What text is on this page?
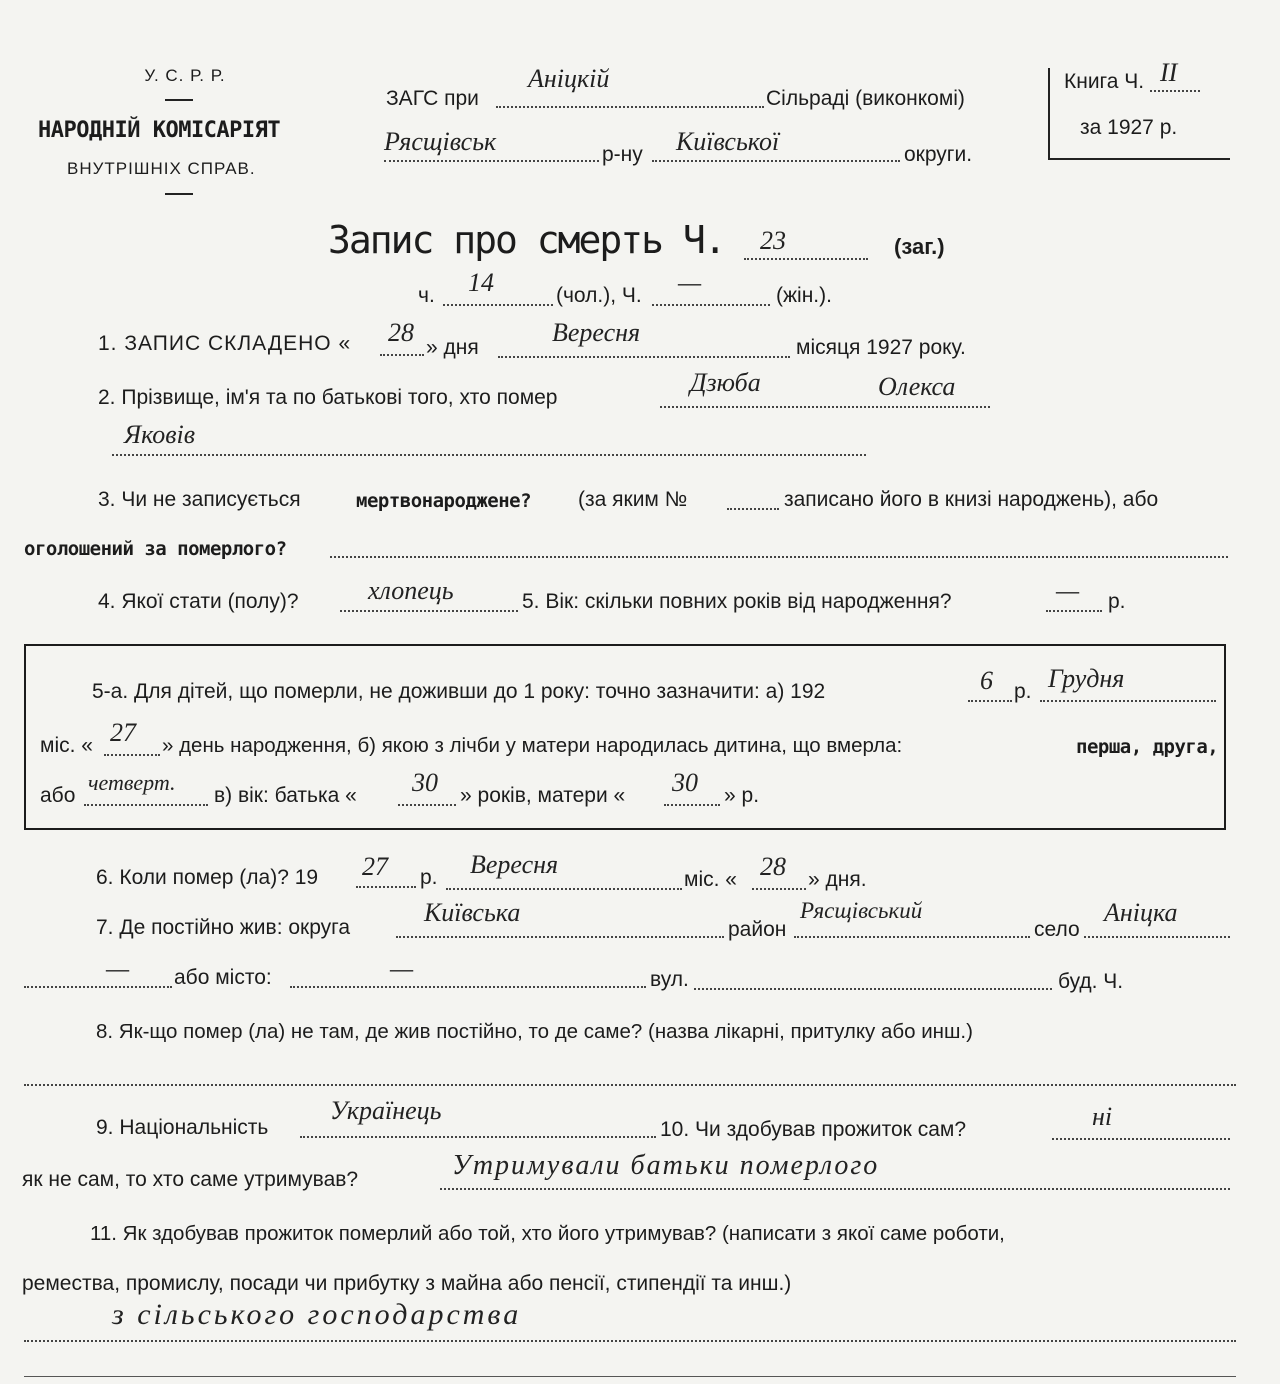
У. С. Р. Р.
НАРОДНІЙ КОМІСАРІЯТ
ВНУТРІШНІХ СПРАВ.
ЗАГС при
Аніцкій
Сільраді (виконкомі)
Рясщівськ	р-ну Київської	округи.
Книга Ч. II
за 1927 р.
Запис про смерть Ч. 23	(заг.)
ч. 14	(чол.), Ч. —	(жін.).
1. ЗАПИС СКЛАДЕНО « 28
» дня
Вересня
місяця 1927 року.
2. Прізвище, ім'я та по батькові того, хто помер
Дзюба	Олекса
Яковів
3. Чи не записується	мертвонароджене? (за яким №	записано його в книзі народжень), або
оголошений за померлого?
4. Якої стати (полу)?	хлопець	5. Вік: скільки повних років від народження?	— р.
5-а. Для дітей, що померли, не доживши до 1 року: точно зазначити: а) 192	6 р. Грудня
міс. « 27 » день народження, б) якою з лічби у матери народилась дитина, що вмерла:	перша, друга,
або
четверт.
в) вік: батька « 30 » років, матери « 30 » р.
6. Коли помер (ла)? 19 27 р. Вересня
міс. « 28 » дня.
7. Де постійно жив: округа
Київська
район
Рясщівський
село
Аніцка
— або місто:	—	вул.	буд. Ч.
8. Як-що помер (ла) не там, де жив постійно, то де саме? (назва лікарні, притулку або инш.)
9. Національність
Українець
10. Чи здобував прожиток сам?	ні
як не сам, то хто саме утримував?	Утримували батьки померлого
11. Як здобував прожиток померлий або той, хто його утримував? (написати з якої саме роботи,
ремества, промислу, посади чи прибутку з майна або пенсії, стипендії та инш.)
з сільського господарства
